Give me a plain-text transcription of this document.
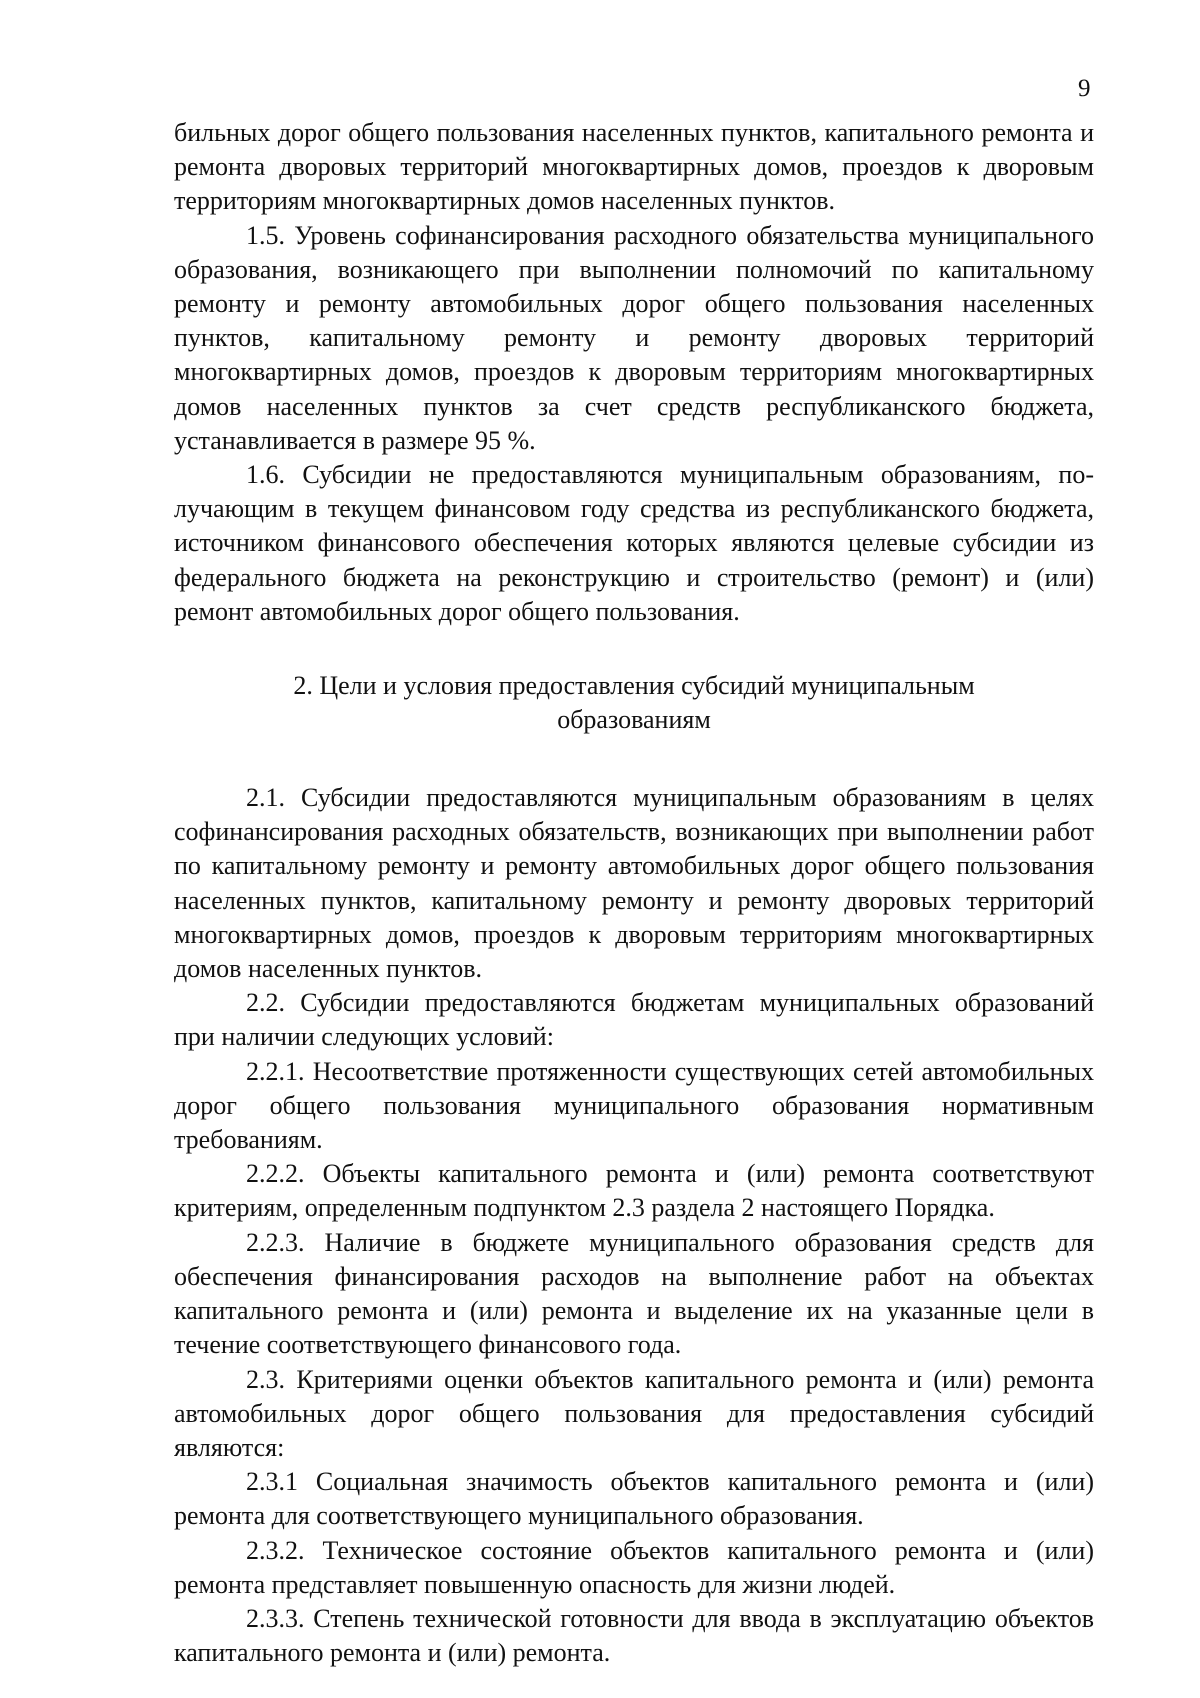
9

бильных дорог общего пользования населенных пунктов, капитального ремонта и ремонта дворовых территорий многоквартирных домов, проездов к дворовым территориям многоквартирных домов населенных пунктов.

1.5. Уровень софинансирования расходного обязательства муниципального образования, возникающего при выполнении полномочий по капитальному ремонту и ремонту автомобильных дорог общего пользования населенных пунктов, капитальному ремонту и ремонту дворовых территорий многоквартирных домов, проездов к дворовым территориям многоквартирных домов населенных пунктов за счет средств республиканского бюджета, устанавливается в размере 95 %.

1.6. Субсидии не предоставляются муниципальным образованиям, получающим в текущем финансовом году средства из республиканского бюджета, источником финансового обеспечения которых являются целевые субсидии из федерального бюджета на реконструкцию и строительство (ремонт) и (или) ремонт автомобильных дорог общего пользования.

2. Цели и условия предоставления субсидий муниципальным
образованиям

2.1. Субсидии предоставляются муниципальным образованиям в целях софинансирования расходных обязательств, возникающих при выполнении работ по капитальному ремонту и ремонту автомобильных дорог общего пользования населенных пунктов, капитальному ремонту и ремонту дворовых территорий многоквартирных домов, проездов к дворовым территориям многоквартирных домов населенных пунктов.

2.2. Субсидии предоставляются бюджетам муниципальных образований при наличии следующих условий:

2.2.1. Несоответствие протяженности существующих сетей автомобильных дорог общего пользования муниципального образования нормативным требованиям.

2.2.2. Объекты капитального ремонта и (или) ремонта соответствуют критериям, определенным подпунктом 2.3 раздела 2 настоящего Порядка.

2.2.3. Наличие в бюджете муниципального образования средств для обеспечения финансирования расходов на выполнение работ на объектах капитального ремонта и (или) ремонта и выделение их на указанные цели в течение соответствующего финансового года.

2.3. Критериями оценки объектов капитального ремонта и (или) ремонта автомобильных дорог общего пользования для предоставления субсидий являются:

2.3.1 Социальная значимость объектов капитального ремонта и (или) ремонта для соответствующего муниципального образования.

2.3.2. Техническое состояние объектов капитального ремонта и (или) ремонта представляет повышенную опасность для жизни людей.

2.3.3. Степень технической готовности для ввода в эксплуатацию объектов капитального ремонта и (или) ремонта.
